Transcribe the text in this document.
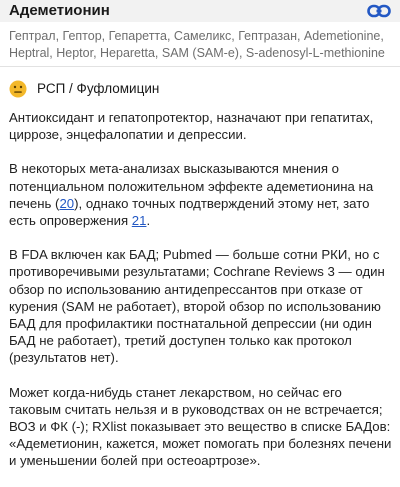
Адеметионин
Гептрал, Гептор, Гепаретта, Самеликс, Гептразан, Ademetionine, Heptral, Heptor, Heparetta, SAM (SAM-e), S-adenosyl-L-methionine
РСП / Фуфломицин

Антиоксидант и гепатопротектор, назначают при гепатитах, циррозе, энцефалопатии и депрессии.

В некоторых мета-анализах высказываются мнения о потенциальном положительном эффекте адеметионина на печень (20), однако точных подтверждений этому нет, зато есть опровержения 21.

В FDA включен как БАД; Pubmed — больше сотни РКИ, но с противоречивыми результатами; Cochrane Reviews 3 — один обзор по использованию антидепрессантов при отказе от курения (SAM не работает), второй обзор по использованию БАД для профилактики постнатальной депрессии (ни один БАД не работает), третий доступен только как протокол (результатов нет).

Может когда-нибудь станет лекарством, но сейчас его таковым считать нельзя и в руководствах он не встречается; ВОЗ и ФК (-); RXlist показывает это вещество в списке БАДов: «Адеметионин, кажется, может помогать при болезнях печени и уменьшении болей при остеоартрозе».
